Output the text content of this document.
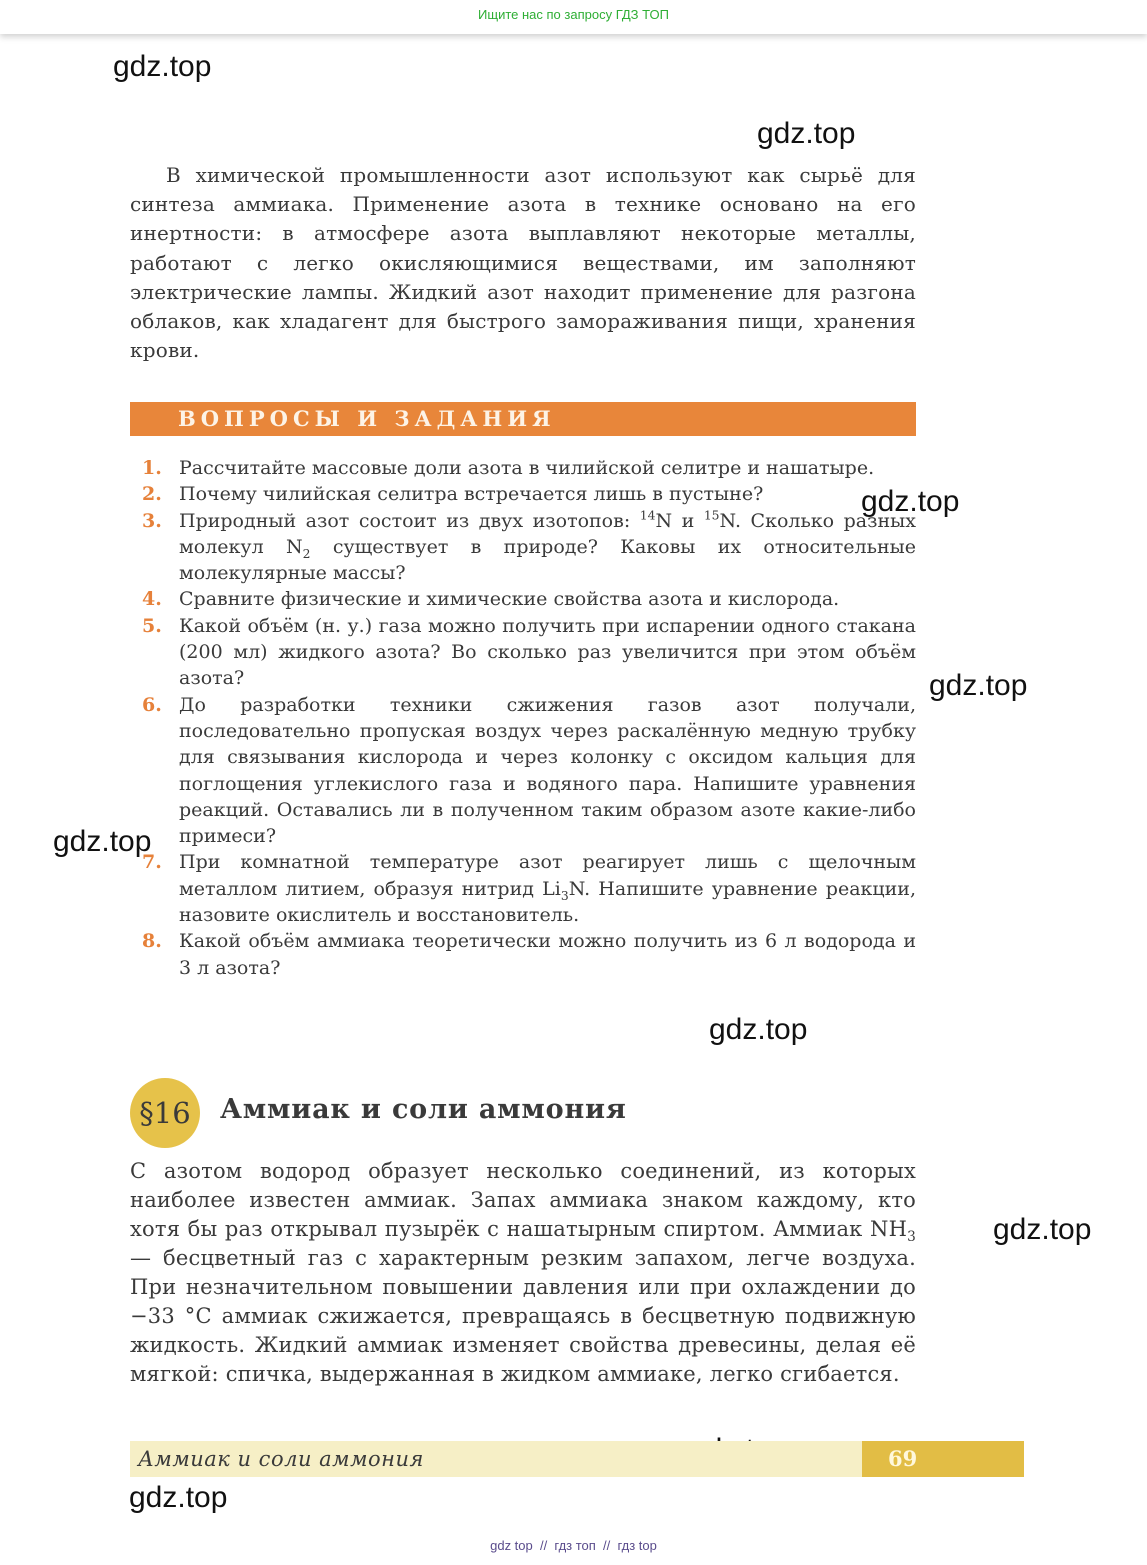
Ищите нас по запросу ГДЗ ТОП
gdz.top
gdz.top
gdz.top
gdz.top
gdz.top
gdz.top
gdz.top
gdz.top

В химической промышленности азот используют как сырьё для синтеза аммиака. Применение азота в технике основано на его инертности: в атмосфере азота выплавляют некоторые металлы, работают с легко окисляющимися веществами, им заполняют электрические лампы. Жидкий азот находит применение для разгона облаков, как хладагент для быстрого замораживания пищи, хранения крови.

ВОПРОСЫ И ЗАДАНИЯ
1. Рассчитайте массовые доли азота в чилийской селитре и нашатыре.
2. Почему чилийская селитра встречается лишь в пустыне?
3. Природный азот состоит из двух изотопов: $^{14}$N и $^{15}$N. Сколько разных молекул $N_2$ существует в природе? Каковы их относительные молекулярные массы?
4. Сравните физические и химические свойства азота и кислорода.
5. Какой объём (н. у.) газа можно получить при испарении одного стакана (200 мл) жидкого азота? Во сколько раз увеличится при этом объём азота?
6. До разработки техники сжижения газов азот получали, последовательно пропуская воздух через раскалённую медную трубку для связывания кислорода и через колонку с оксидом кальция для поглощения углекислого газа и водяного пара. Напишите уравнения реакций. Оставались ли в полученном таким образом азоте какие-либо примеси?
7. При комнатной температуре азот реагирует лишь с щелочным металлом литием, образуя нитрид $Li_3N$. Напишите уравнение реакции, назовите окислитель и восстановитель.
8. Какой объём аммиака теоретически можно получить из 6 л водорода и 3 л азота?
§16	Аммиак и соли аммония

С азотом водород образует несколько соединений, из которых наиболее известен аммиак. Запах аммиака знаком каждому, кто хотя бы раз открывал пузырёк с нашатырным спиртом. Аммиак $NH_3$ — бесцветный газ с характерным резким запахом, легче воздуха. При незначительном повышении давления или при охлаждении до −33 °С аммиак сжижается, превращаясь в бесцветную подвижную жидкость. Жидкий аммиак изменяет свойства древесины, делая её мягкой: спичка, выдержанная в жидком аммиаке, легко сгибается.

Аммиак и соли аммония	69
gdz top  //  гдз топ  //  гдз top
